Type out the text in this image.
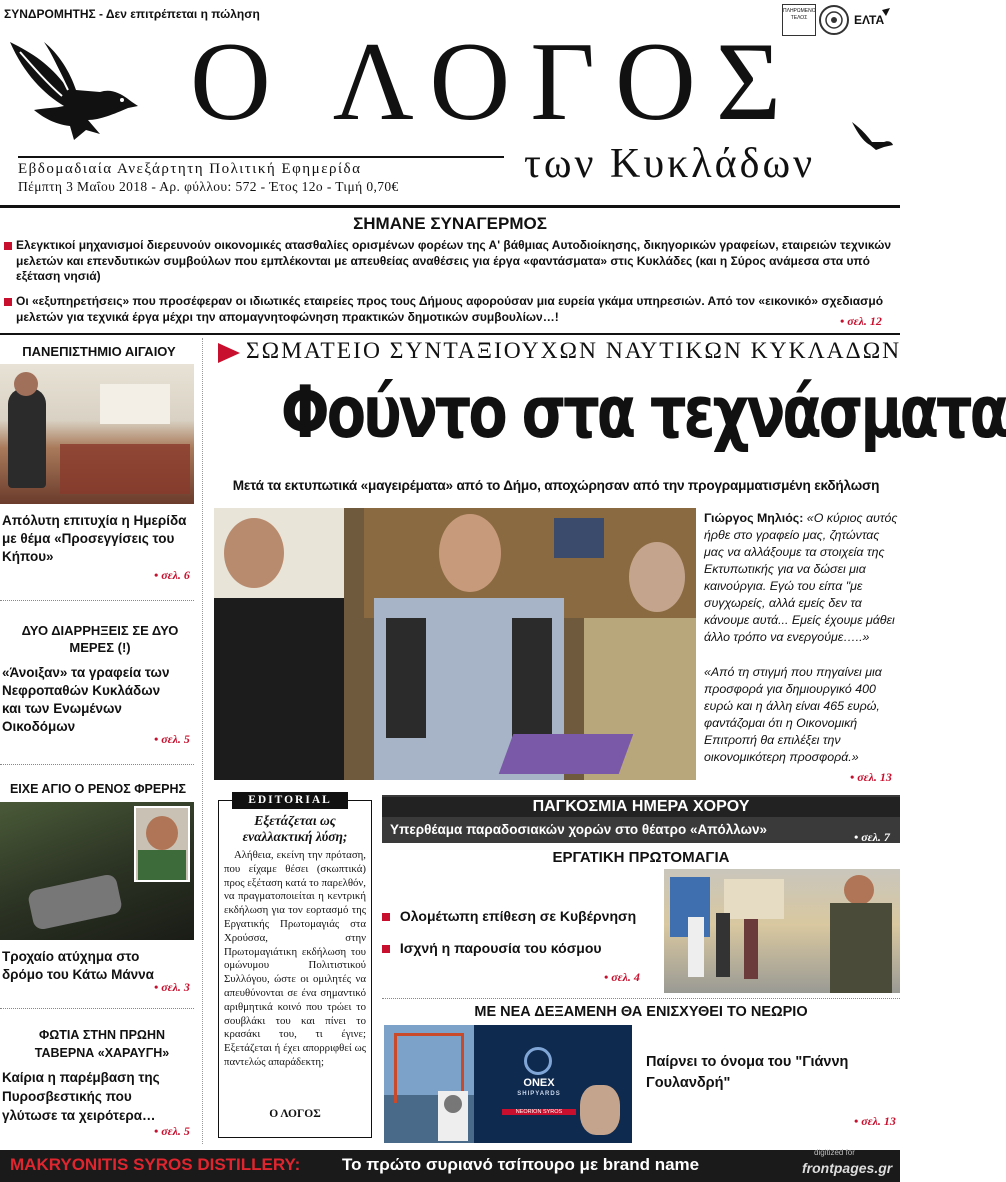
ΣΥΝΔΡΟΜΗΤΗΣ - Δεν επιτρέπεται η πώληση
Ο ΛΟΓΟΣ
ΠΛΗΡΩΜΕΝΟ ΤΕΛΟΣ	ΕΛΤΑ
Εβδομαδιαία Ανεξάρτητη Πολιτική Εφημερίδα
Πέμπτη 3 Μαΐου 2018 - Αρ. φύλλου: 572 - Έτος 12ο - Τιμή 0,70€	των Κυκλάδων
ΣΗΜΑΝΕ ΣΥΝΑΓΕΡΜΟΣ
Ελεγκτικοί μηχανισμοί διερευνούν οικονομικές ατασθαλίες ορισμένων φορέων της Α' βάθμιας Αυτοδιοίκησης, δικηγορικών γραφείων, εταιρειών τεχνικών μελετών και επενδυτικών συμβούλων που εμπλέκονται με απευθείας αναθέσεις για έργα «φαντάσματα» στις Κυκλάδες (και η Σύρος ανάμεσα στα υπό εξέταση νησιά)
Οι «εξυπηρετήσεις» που προσέφεραν οι ιδιωτικές εταιρείες προς τους Δήμους αφορούσαν μια ευρεία γκάμα υπηρεσιών. Από τον «εικονικό» σχεδιασμό μελετών για τεχνικά έργα μέχρι την απομαγνητοφώνηση πρακτικών δημοτικών συμβουλίων…!	• σελ. 12
ΠΑΝΕΠΙΣΤΗΜΙΟ ΑΙΓΑΙΟΥ
Απόλυτη επιτυχία η Ημερίδα με θέμα «Προσεγγίσεις του Κήπου»
• σελ. 6
ΔΥΟ ΔΙΑΡΡΗΞΕΙΣ ΣΕ ΔΥΟ ΜΕΡΕΣ (!)
«Άνοιξαν» τα γραφεία των Νεφροπαθών Κυκλάδων και των Ενωμένων Οικοδόμων
• σελ. 5
ΕΙΧΕ ΑΓΙΟ Ο ΡΕΝΟΣ ΦΡΕΡΗΣ
Τροχαίο ατύχημα στο δρόμο του Κάτω Μάννα
• σελ. 3
ΦΩΤΙΑ ΣΤΗΝ ΠΡΩΗΝ ΤΑΒΕΡΝΑ «ΧΑΡΑΥΓΗ»
Καίρια η παρέμβαση της Πυροσβεστικής που γλύτωσε τα χειρότερα…
• σελ. 5
ΣΩΜΑΤΕΙΟ ΣΥΝΤΑΞΙΟΥΧΩΝ ΝΑΥΤΙΚΩΝ ΚΥΚΛΑΔΩΝ
Φούντο στα τεχνάσματα
Μετά τα εκτυπωτικά «μαγειρέματα» από το Δήμο, αποχώρησαν από την προγραμματισμένη εκδήλωση
Γιώργος Μηλιός: «Ο κύριος αυτός ήρθε στο γραφείο μας, ζητώντας μας να αλλάξουμε τα στοιχεία της Εκτυπωτικής για να δώσει μια καινούργια. Εγώ του είπα "με συγχωρείς, αλλά εμείς δεν τα κάνουμε αυτά... Εμείς έχουμε μάθει άλλο τρόπο να ενεργούμε…..»
«Από τη στιγμή που πηγαίνει μια προσφορά για δημιουργικό 400 ευρώ και η άλλη είναι 465 ευρώ, φαντάζομαι ότι η Οικονομική Επιτροπή θα επιλέξει την οικονομικότερη προσφορά.»
• σελ. 13
EDITORIAL
Εξετάζεται ως εναλλακτική λύση;
Αλήθεια, εκείνη την πρόταση, που είχαμε θέσει (σκωπτικά) προς εξέταση κατά το παρελθόν, να πραγματοποιείται η κεντρική εκδήλωση για τον εορτασμό της Εργατικής Πρωτομαγιάς στα Χρούσσα, στην Πρωτομαγιάτικη εκδήλωση του ομώνυμου Πολιτιστικού Συλλόγου, ώστε οι ομιλητές να απευθύνονται σε ένα σημαντικό αριθμητικά κοινό που τρώει το σουβλάκι του και πίνει το κρασάκι του, τι έγινε; Εξετάζεται ή έχει απορριφθεί ως παντελώς απαράδεκτη;
Ο ΛΟΓΟΣ
ΠΑΓΚΟΣΜΙΑ ΗΜΕΡΑ ΧΟΡΟΥ
Υπερθέαμα παραδοσιακών χορών στο θέατρο «Απόλλων»	• σελ. 7
ΕΡΓΑΤΙΚΗ ΠΡΩΤΟΜΑΓΙΑ
Ολομέτωπη επίθεση σε Κυβέρνηση
Ισχνή η παρουσία του κόσμου
• σελ. 4
ΜΕ ΝΕΑ ΔΕΞΑΜΕΝΗ ΘΑ ΕΝΙΣΧΥΘΕΙ ΤΟ ΝΕΩΡΙΟ
ONEX
SHIPYARDS
NEORION SYROS
Παίρνει το όνομα του "Γιάννη Γουλανδρή"
• σελ. 13
MAKRYONITIS SYROS DISTILLERY: Το πρώτο συριανό τσίπουρο με brand name
digitized for
frontpages.gr
